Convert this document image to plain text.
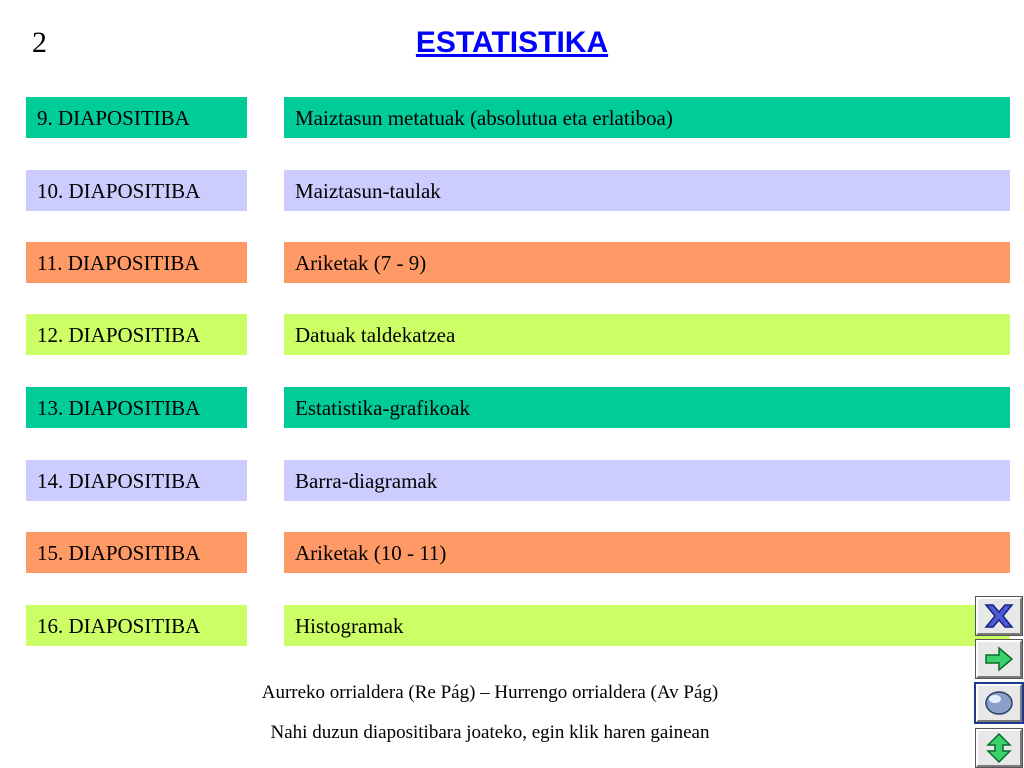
2	ESTATISTIKA
9. DIAPOSITIBA	Maiztasun metatuak (absolutua eta erlatiboa)
10. DIAPOSITIBA	Maiztasun-taulak
11. DIAPOSITIBA	Ariketak (7 - 9)
12. DIAPOSITIBA	Datuak taldekatzea
13. DIAPOSITIBA	Estatistika-grafikoak
14. DIAPOSITIBA	Barra-diagramak
15. DIAPOSITIBA	Ariketak (10 - 11)
16. DIAPOSITIBA	Histogramak
Aurreko orrialdera (Re Pág) – Hurrengo orrialdera (Av Pág)
Nahi duzun diapositibara joateko, egin klik haren gainean
